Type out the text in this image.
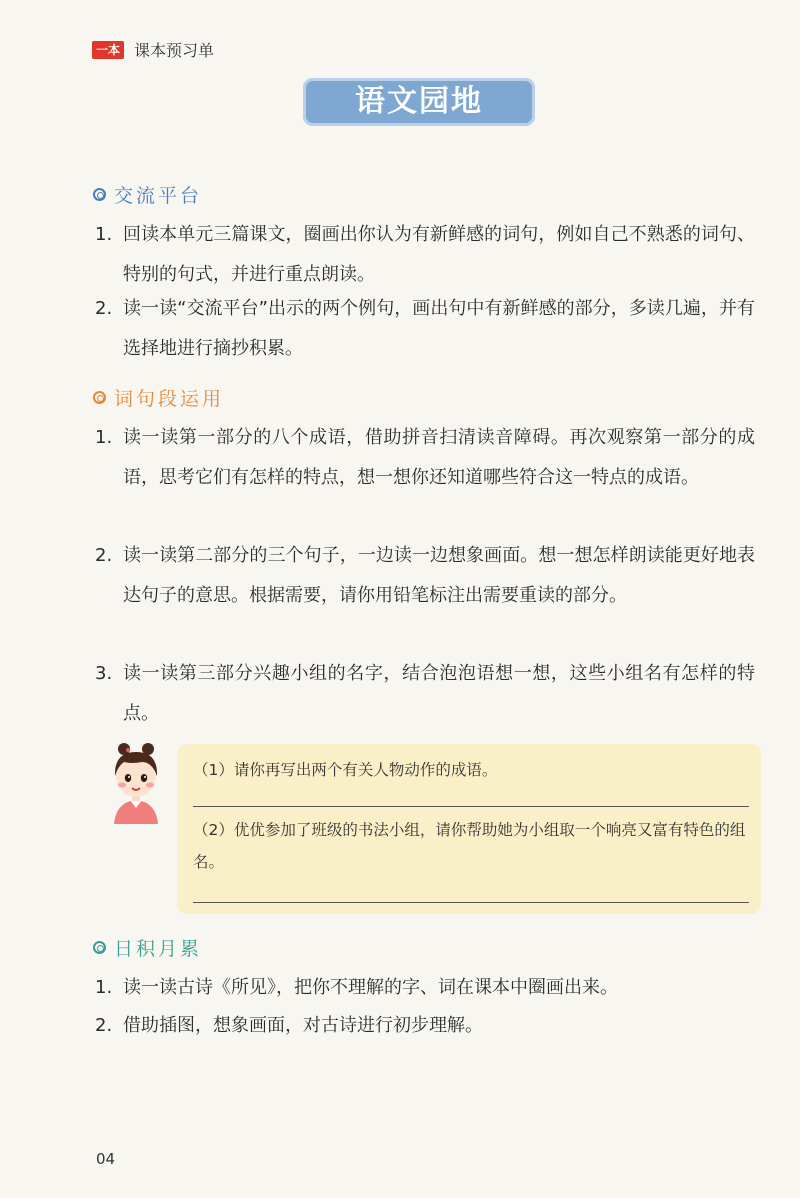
一本 课本预习单
语文园地
交流平台
1. 回读本单元三篇课文，圈画出你认为有新鲜感的词句，例如自己不熟悉的词句、特别的句式，并进行重点朗读。
2. 读一读“交流平台”出示的两个例句，画出句中有新鲜感的部分，多读几遍，并有选择地进行摘抄积累。
词句段运用
1. 读一读第一部分的八个成语，借助拼音扫清读音障碍。再次观察第一部分的成语，思考它们有怎样的特点，想一想你还知道哪些符合这一特点的成语。
2. 读一读第二部分的三个句子，一边读一边想象画面。想一想怎样朗读能更好地表达句子的意思。根据需要，请你用铅笔标注出需要重读的部分。
3. 读一读第三部分兴趣小组的名字，结合泡泡语想一想，这些小组名有怎样的特点。
（1）请你再写出两个有关人物动作的成语。
（2）优优参加了班级的书法小组，请你帮助她为小组取一个响亮又富有特色的组名。
日积月累
1. 读一读古诗《所见》，把你不理解的字、词在课本中圈画出来。
2. 借助插图，想象画面，对古诗进行初步理解。
04
